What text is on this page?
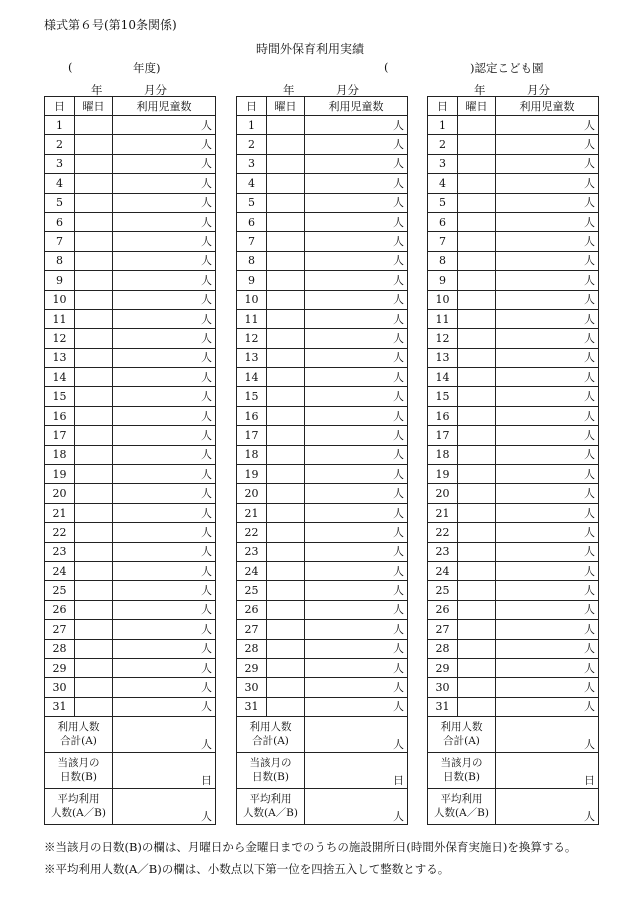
様式第６号(第10条関係)
時間外保育利用実績
(	年度)	(	)認定こども園
年	月分
日	曜日	利用児童数
1		人
2		人
3		人
4		人
5		人
6		人
7		人
8		人
9		人
10		人
11		人
12		人
13		人
14		人
15		人
16		人
17		人
18		人
19		人
20		人
21		人
22		人
23		人
24		人
25		人
26		人
27		人
28		人
29		人
30		人
31		人
利用人数
合計(A)		人
当該月の
日数(B)		日
平均利用
人数(A／B)		人
年	月分
日	曜日	利用児童数
1		人
2		人
3		人
4		人
5		人
6		人
7		人
8		人
9		人
10		人
11		人
12		人
13		人
14		人
15		人
16		人
17		人
18		人
19		人
20		人
21		人
22		人
23		人
24		人
25		人
26		人
27		人
28		人
29		人
30		人
31		人
利用人数
合計(A)		人
当該月の
日数(B)		日
平均利用
人数(A／B)		人
年	月分
日	曜日	利用児童数
1		人
2		人
3		人
4		人
5		人
6		人
7		人
8		人
9		人
10		人
11		人
12		人
13		人
14		人
15		人
16		人
17		人
18		人
19		人
20		人
21		人
22		人
23		人
24		人
25		人
26		人
27		人
28		人
29		人
30		人
31		人
利用人数
合計(A)		人
当該月の
日数(B)		日
平均利用
人数(A／B)		人
※当該月の日数(B)の欄は、月曜日から金曜日までのうちの施設開所日(時間外保育実施日)を換算する。
※平均利用人数(A／B)の欄は、小数点以下第一位を四捨五入して整数とする。
